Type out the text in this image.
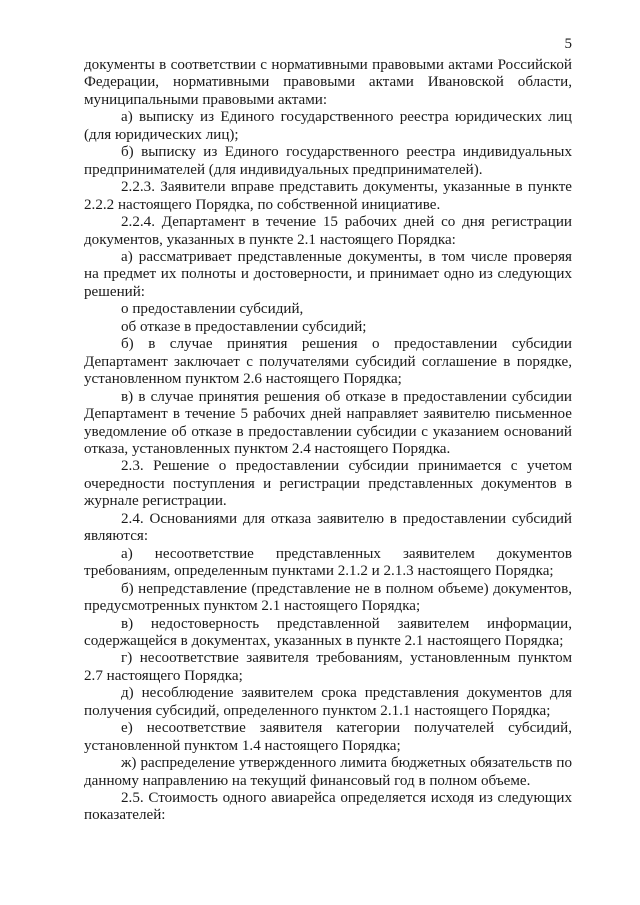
5

документы в соответствии с нормативными правовыми актами Российской Федерации, нормативными правовыми актами Ивановской области, муниципальными правовыми актами:

а) выписку из Единого государственного реестра юридических лиц (для юридических лиц);

б) выписку из Единого государственного реестра индивидуальных предпринимателей (для индивидуальных предпринимателей).

2.2.3. Заявители вправе представить документы, указанные в пункте 2.2.2 настоящего Порядка, по собственной инициативе.

2.2.4. Департамент в течение 15 рабочих дней со дня регистрации документов, указанных в пункте 2.1 настоящего Порядка:

а) рассматривает представленные документы, в том числе проверяя на предмет их полноты и достоверности, и принимает одно из следующих решений:

о предоставлении субсидий,

об отказе в предоставлении субсидий;

б) в случае принятия решения о предоставлении субсидии Департамент заключает с получателями субсидий соглашение в порядке, установленном пунктом 2.6 настоящего Порядка;

в) в случае принятия решения об отказе в предоставлении субсидии Департамент в течение 5 рабочих дней направляет заявителю письменное уведомление об отказе в предоставлении субсидии с указанием оснований отказа, установленных пунктом 2.4 настоящего Порядка.

2.3. Решение о предоставлении субсидии принимается с учетом очередности поступления и регистрации представленных документов в журнале регистрации.

2.4. Основаниями для отказа заявителю в предоставлении субсидий являются:

а) несоответствие представленных заявителем документов требованиям, определенным пунктами 2.1.2 и 2.1.3 настоящего Порядка;

б) непредставление (представление не в полном объеме) документов, предусмотренных пунктом 2.1 настоящего Порядка;

в) недостоверность представленной заявителем информации, содержащейся в документах, указанных в пункте 2.1 настоящего Порядка;

г) несоответствие заявителя требованиям, установленным пунктом 2.7 настоящего Порядка;

д) несоблюдение заявителем срока представления документов для получения субсидий, определенного пунктом 2.1.1 настоящего Порядка;

е) несоответствие заявителя категории получателей субсидий, установленной пунктом 1.4 настоящего Порядка;

ж) распределение утвержденного лимита бюджетных обязательств по данному направлению на текущий финансовый год в полном объеме.

2.5. Стоимость одного авиарейса определяется исходя из следующих показателей:
